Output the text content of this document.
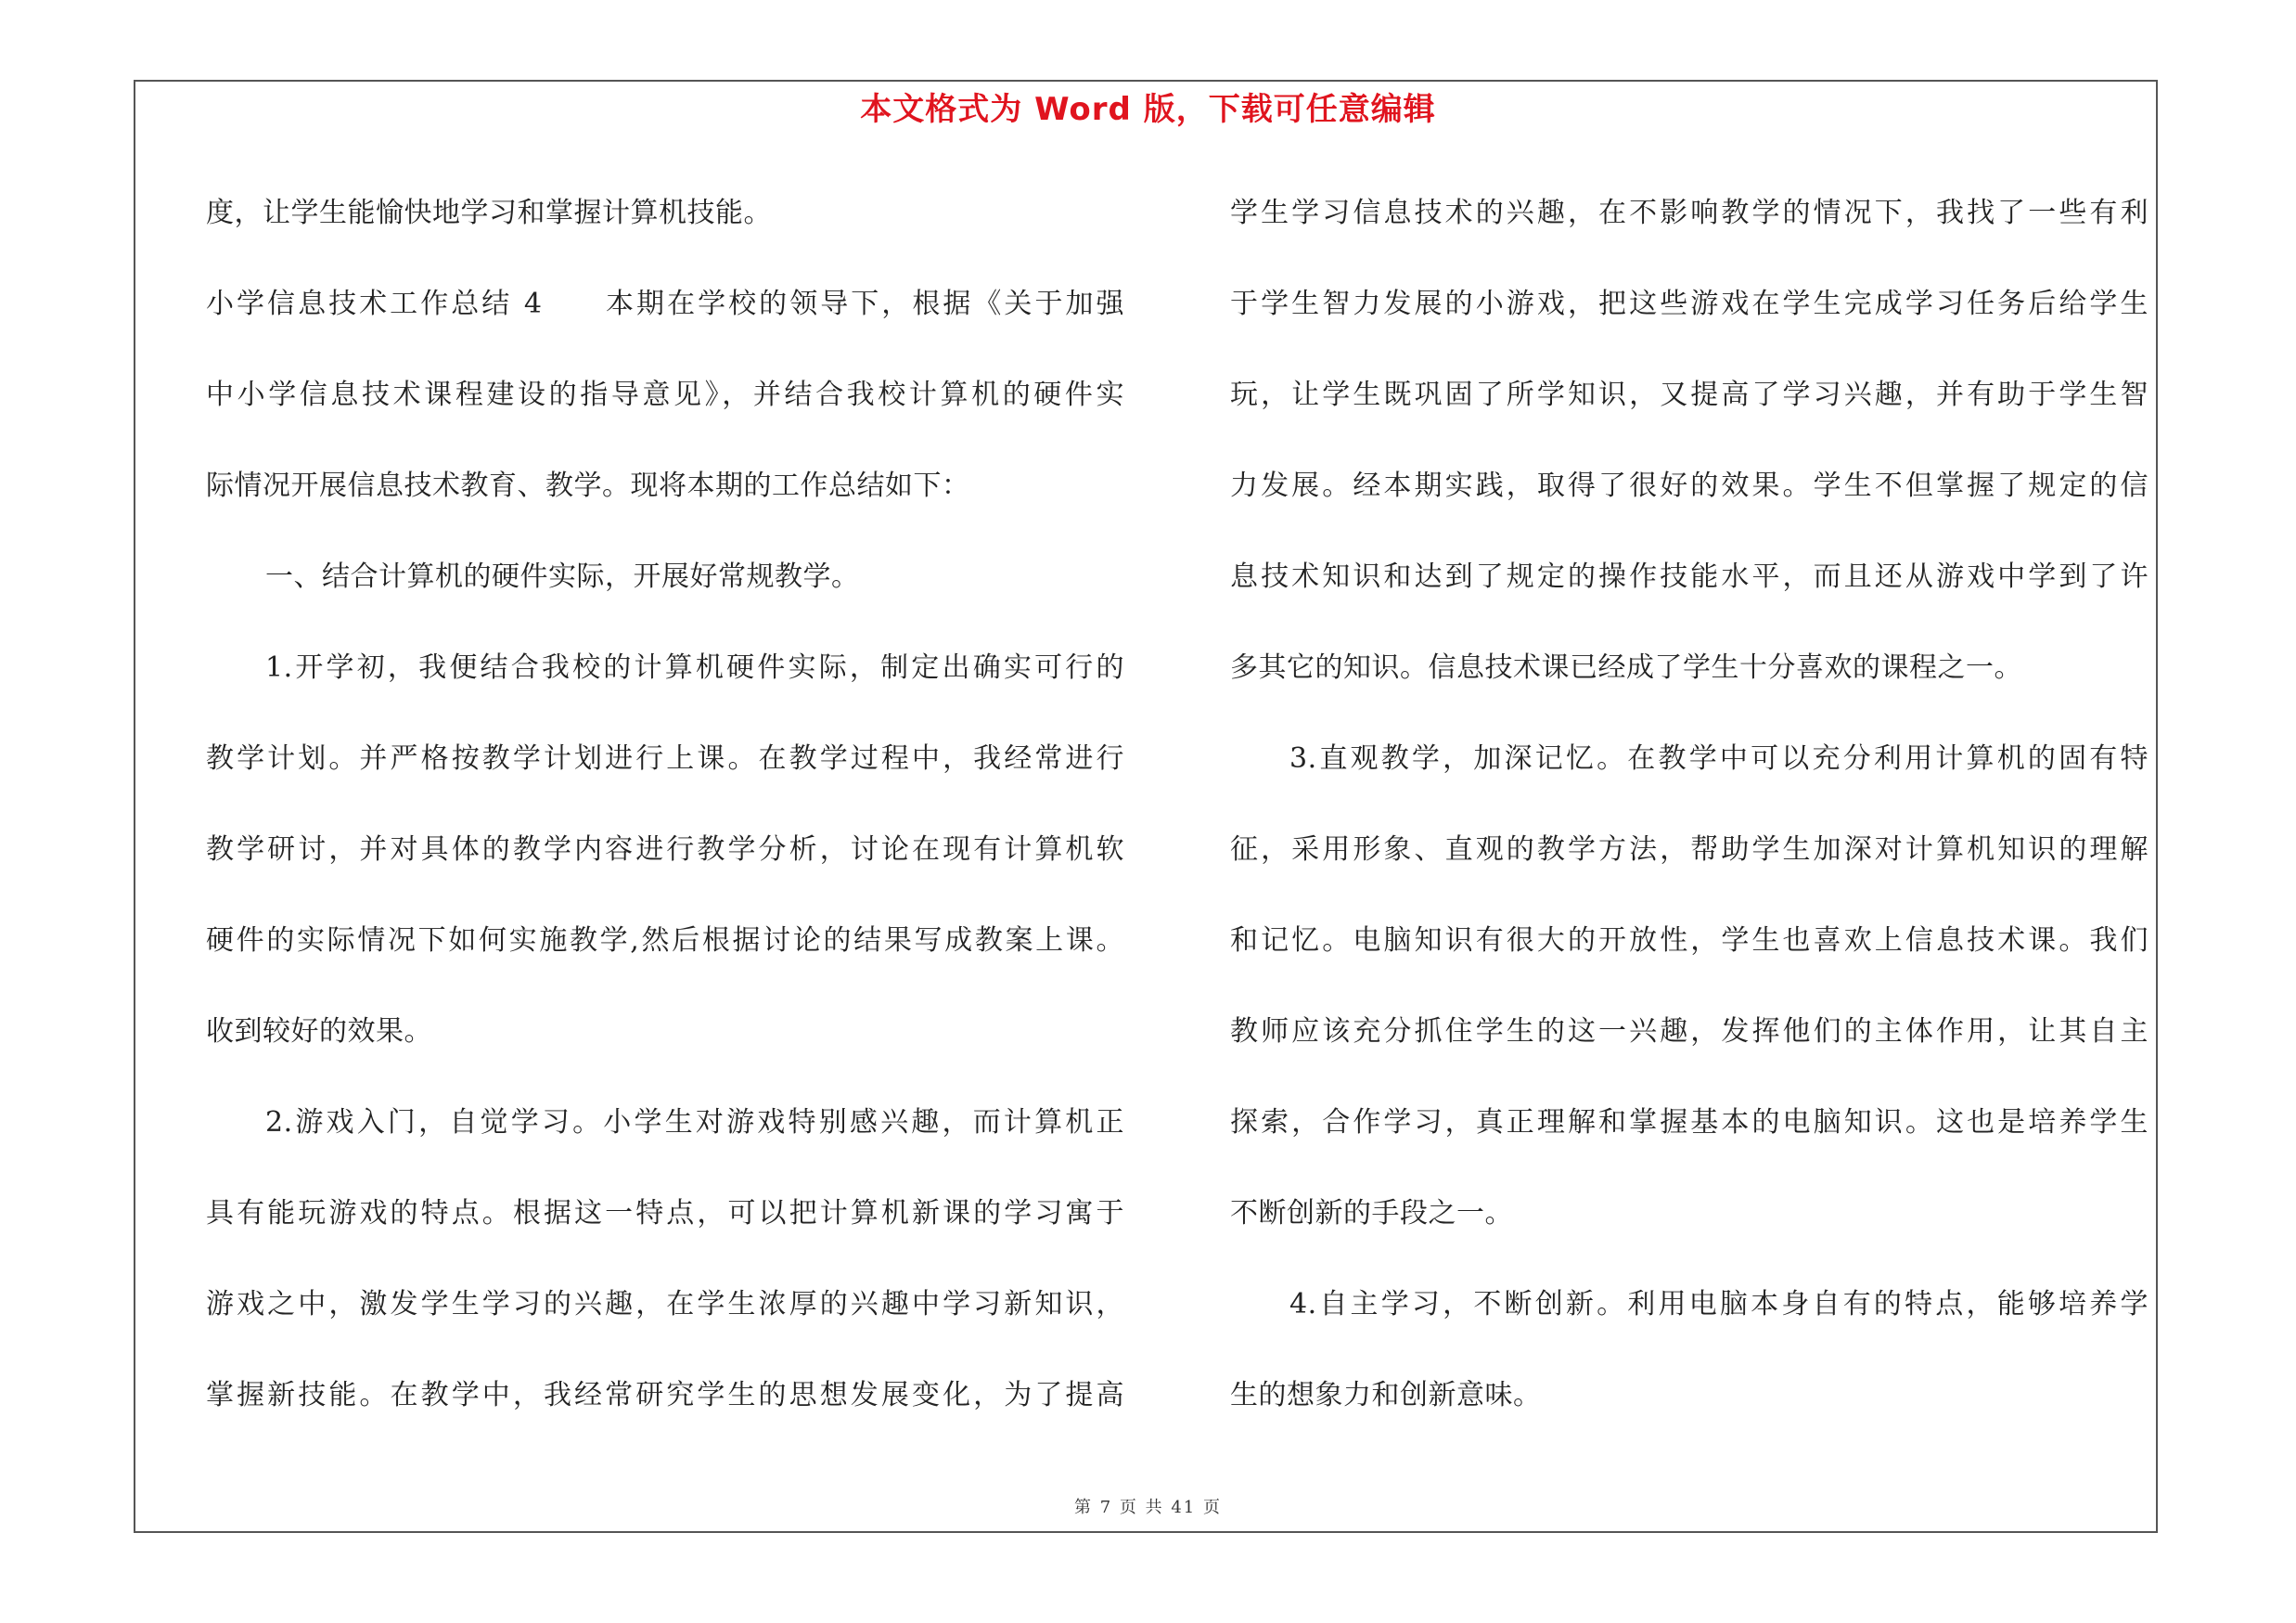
本文格式为 Word 版，下载可任意编辑
度，让学生能愉快地学习和掌握计算机技能。
小学信息技术工作总结 4　　本期在学校的领导下，根据《关于加强
中小学信息技术课程建设的指导意见》，并结合我校计算机的硬件实
际情况开展信息技术教育、教学。现将本期的工作总结如下：
一、结合计算机的硬件实际，开展好常规教学。
1.开学初，我便结合我校的计算机硬件实际，制定出确实可行的
教学计划。并严格按教学计划进行上课。在教学过程中，我经常进行
教学研讨，并对具体的教学内容进行教学分析，讨论在现有计算机软
硬件的实际情况下如何实施教学,然后根据讨论的结果写成教案上课。
收到较好的效果。
2.游戏入门，自觉学习。小学生对游戏特别感兴趣，而计算机正
具有能玩游戏的特点。根据这一特点，可以把计算机新课的学习寓于
游戏之中，激发学生学习的兴趣，在学生浓厚的兴趣中学习新知识，
掌握新技能。在教学中，我经常研究学生的思想发展变化，为了提高
学生学习信息技术的兴趣，在不影响教学的情况下，我找了一些有利
于学生智力发展的小游戏，把这些游戏在学生完成学习任务后给学生
玩，让学生既巩固了所学知识，又提高了学习兴趣，并有助于学生智
力发展。经本期实践，取得了很好的效果。学生不但掌握了规定的信
息技术知识和达到了规定的操作技能水平，而且还从游戏中学到了许
多其它的知识。信息技术课已经成了学生十分喜欢的课程之一。
3.直观教学，加深记忆。在教学中可以充分利用计算机的固有特
征，采用形象、直观的教学方法，帮助学生加深对计算机知识的理解
和记忆。电脑知识有很大的开放性，学生也喜欢上信息技术课。我们
教师应该充分抓住学生的这一兴趣，发挥他们的主体作用，让其自主
探索，合作学习，真正理解和掌握基本的电脑知识。这也是培养学生
不断创新的手段之一。
4.自主学习，不断创新。利用电脑本身自有的特点，能够培养学
生的想象力和创新意味。
第 7 页 共 41 页
